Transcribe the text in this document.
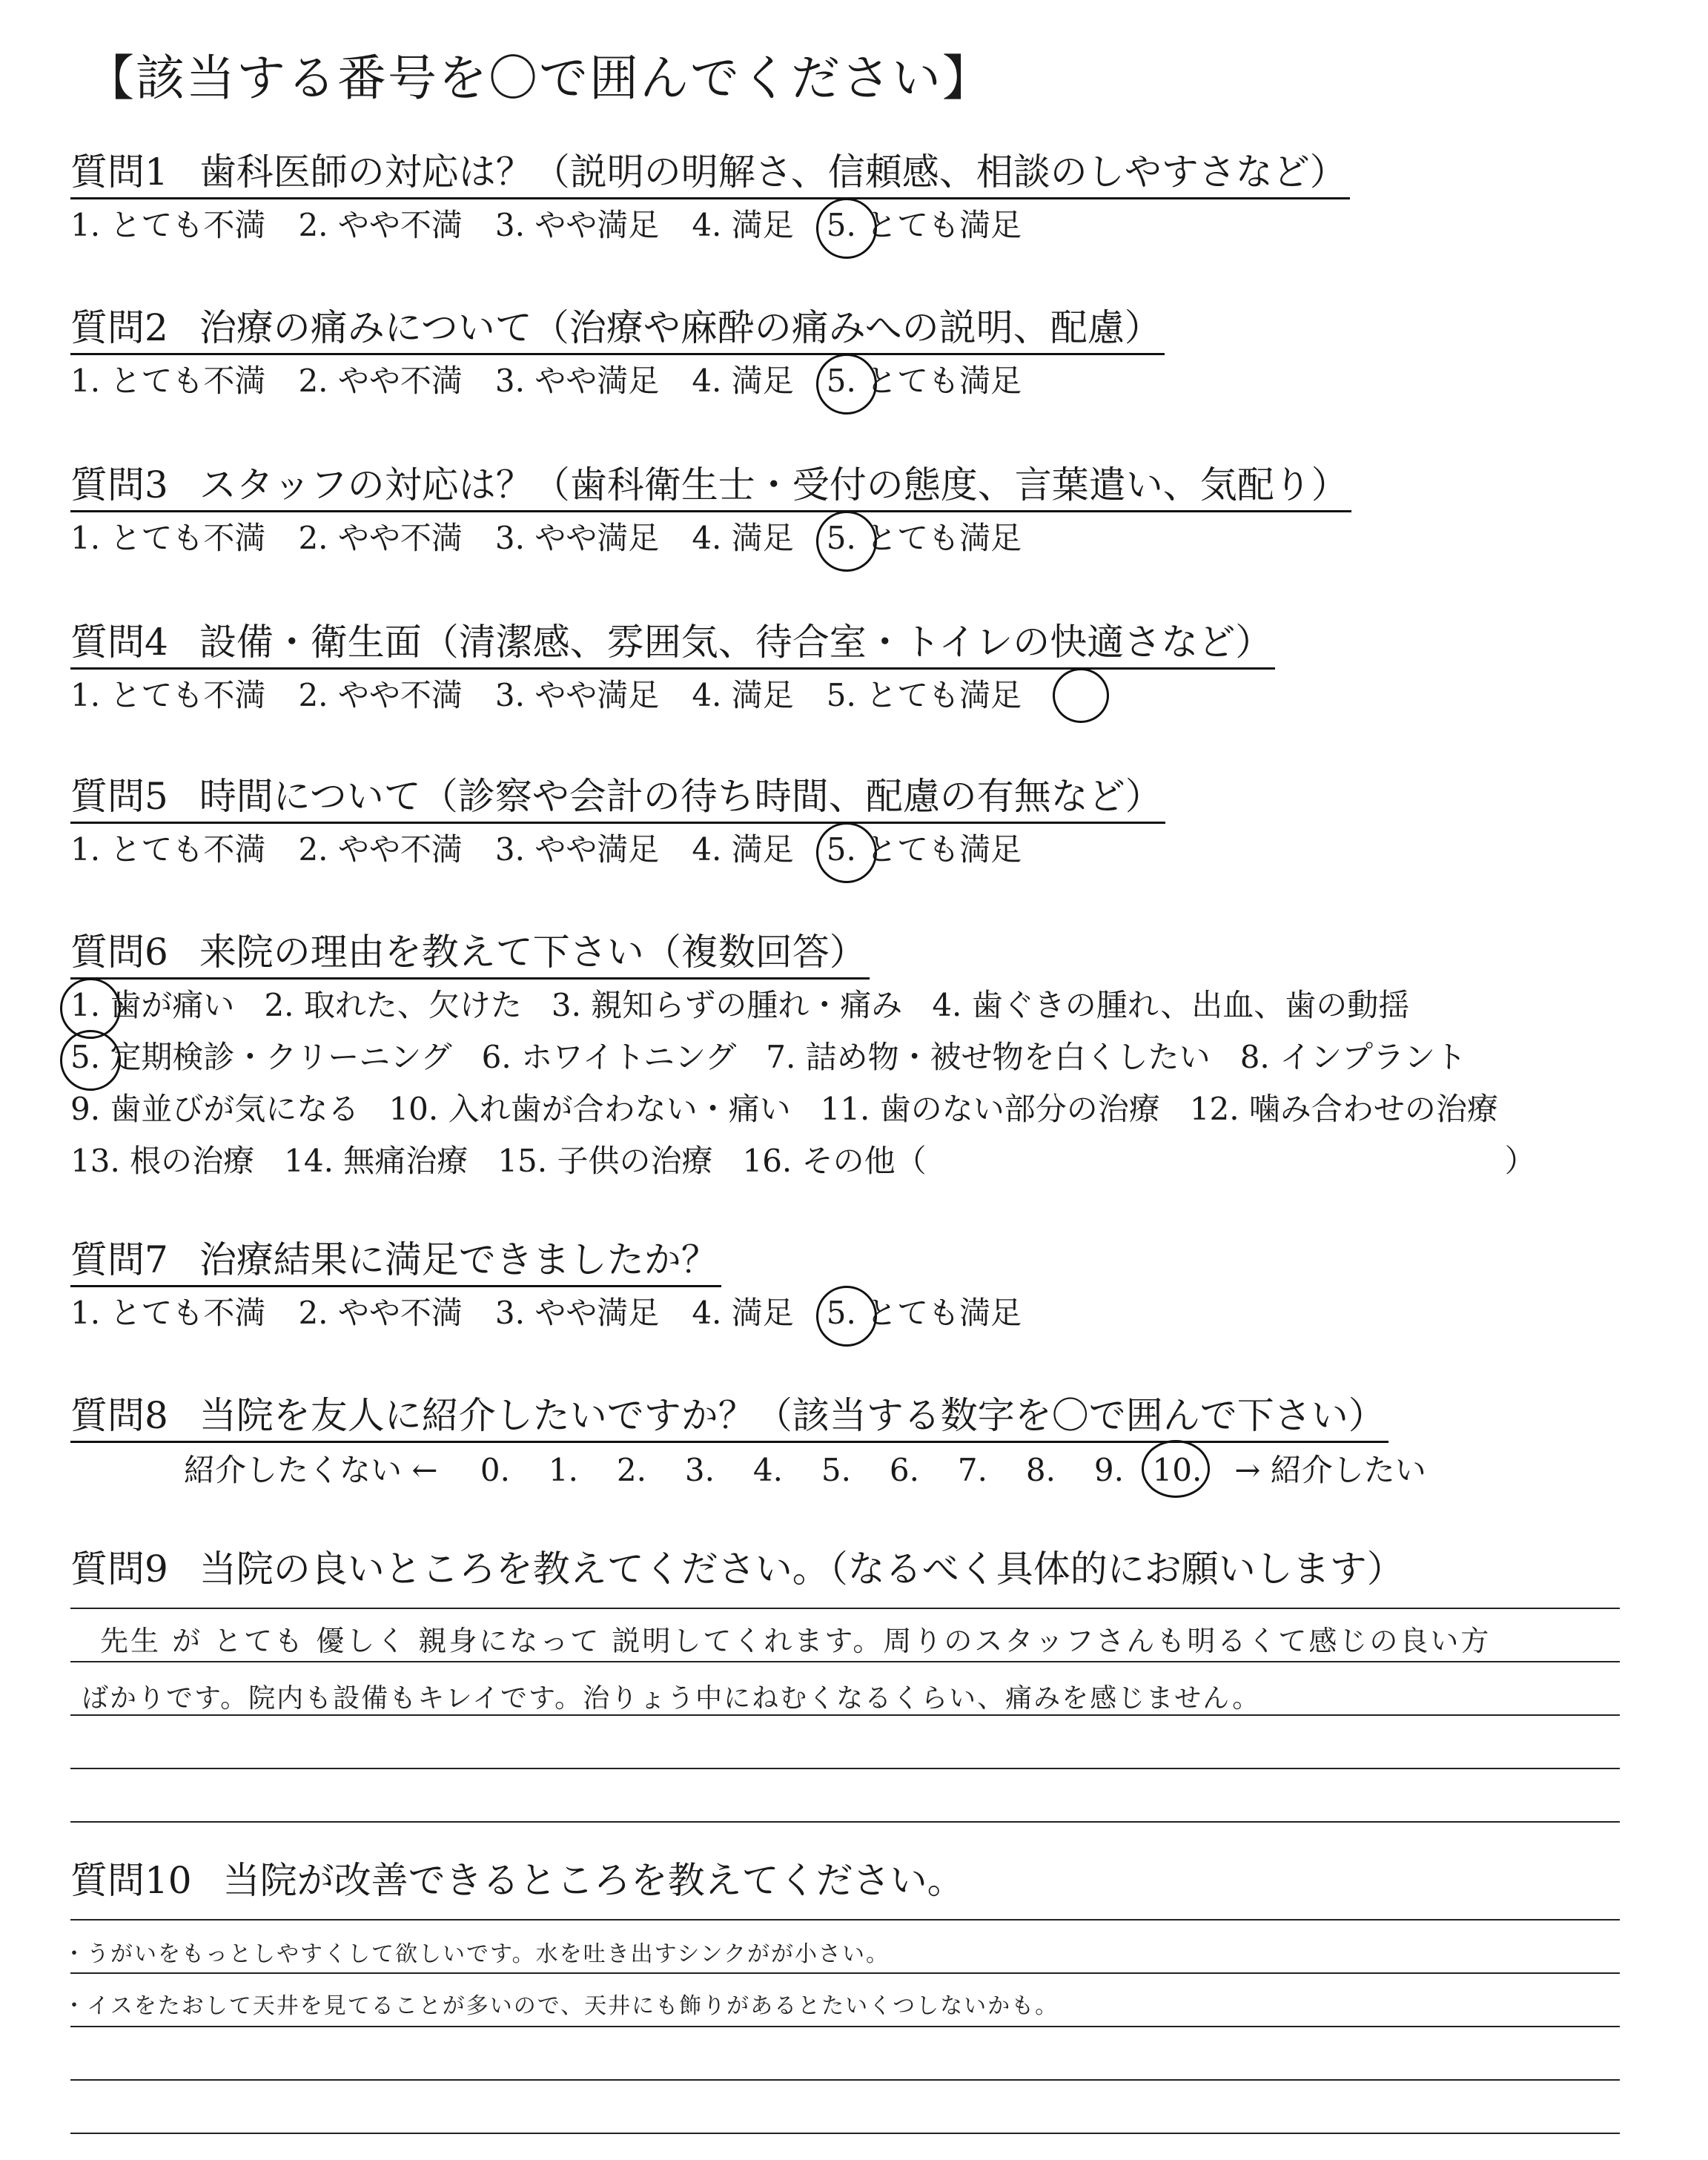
【該当する番号を〇で囲んでください】
質問1 歯科医師の対応は？（説明の明解さ、信頼感、相談のしやすさなど）
1. とても不満 2. やや不満 3. やや満足 4. 満足 5. とても満足
質問2 治療の痛みについて（治療や麻酔の痛みへの説明、配慮）
1. とても不満 2. やや不満 3. やや満足 4. 満足 5. とても満足
質問3 スタッフの対応は？（歯科衛生士・受付の態度、言葉遣い、気配り）
1. とても不満 2. やや不満 3. やや満足 4. 満足 5. とても満足
質問4 設備・衛生面（清潔感、雰囲気、待合室・トイレの快適さなど）
1. とても不満 2. やや不満 3. やや満足 4. 満足 5. とても満足
質問5 時間について（診察や会計の待ち時間、配慮の有無など）
1. とても不満 2. やや不満 3. やや満足 4. 満足 5. とても満足
質問6 来院の理由を教えて下さい（複数回答）
1. 歯が痛い 2. 取れた、欠けた 3. 親知らずの腫れ・痛み 4. 歯ぐきの腫れ、出血、歯の動揺
5. 定期検診・クリーニング 6. ホワイトニング 7. 詰め物・被せ物を白くしたい 8. インプラント
9. 歯並びが気になる 10. 入れ歯が合わない・痛い 11. 歯のない部分の治療 12. 噛み合わせの治療
13. 根の治療 14. 無痛治療 15. 子供の治療 16. その他（	）
質問7 治療結果に満足できましたか？
1. とても不満 2. やや不満 3. やや満足 4. 満足 5. とても満足
質問8 当院を友人に紹介したいですか？（該当する数字を〇で囲んで下さい）
紹介したくない ← 0. 1. 2. 3. 4. 5. 6. 7. 8. 9. 10. → 紹介したい
質問9 当院の良いところを教えてください。（なるべく具体的にお願いします）
先生 が とても 優しく 親身になって 説明してくれます。周りのスタッフさんも明るくて感じの良い方
ばかりです。院内も設備もキレイです。治りょう中にねむくなるくらい、痛みを感じません。
質問10 当院が改善できるところを教えてください。
・うがいをもっとしやすくして欲しいです。水を吐き出すシンクがが小さい。
・イスをたおして天井を見てることが多いので、天井にも飾りがあるとたいくつしないかも。
